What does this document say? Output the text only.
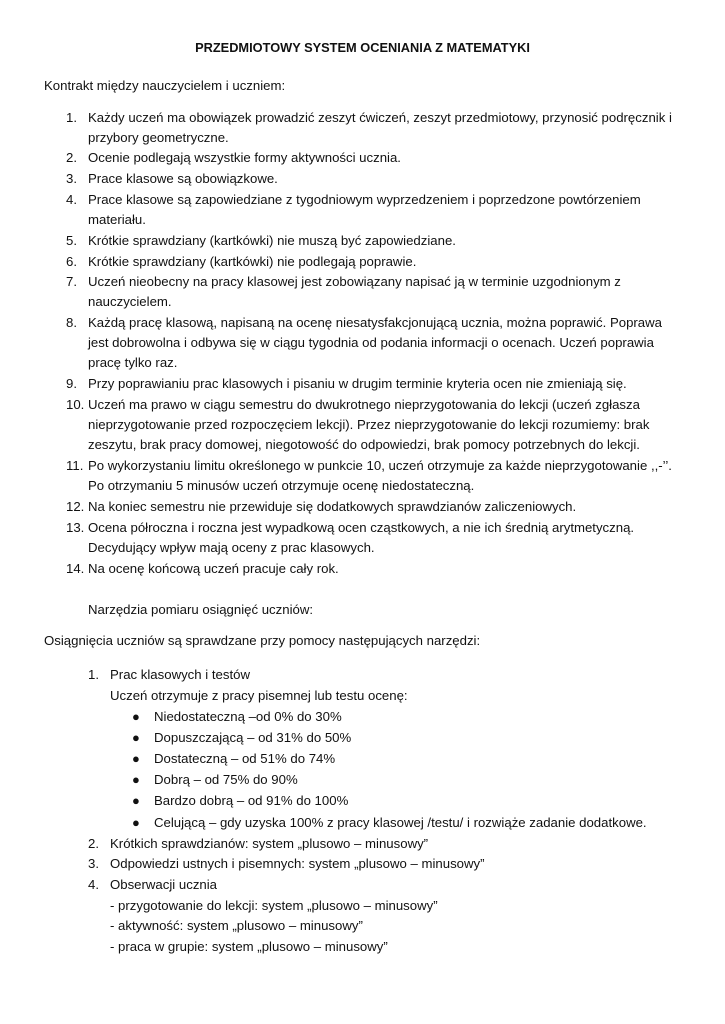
PRZEDMIOTOWY SYSTEM OCENIANIA Z MATEMATYKI
Kontrakt między nauczycielem i uczniem:
1. Każdy uczeń ma obowiązek prowadzić zeszyt ćwiczeń, zeszyt przedmiotowy, przynosić podręcznik i
przybory geometryczne.
2. Ocenie podlegają wszystkie formy aktywności ucznia.
3. Prace klasowe są obowiązkowe.
4. Prace klasowe są zapowiedziane z tygodniowym wyprzedzeniem i poprzedzone powtórzeniem
materiału.
5. Krótkie sprawdziany (kartkówki) nie muszą być zapowiedziane.
6. Krótkie sprawdziany (kartkówki) nie podlegają poprawie.
7. Uczeń nieobecny na pracy klasowej jest zobowiązany napisać ją w terminie uzgodnionym z
nauczycielem.
8. Każdą pracę klasową, napisaną na ocenę niesatysfakcjonującą ucznia, można poprawić. Poprawa
jest dobrowolna i odbywa się w ciągu tygodnia od podania informacji o ocenach. Uczeń poprawia
pracę tylko raz.
9. Przy poprawianiu prac klasowych i pisaniu w drugim terminie kryteria ocen nie zmieniają się.
10. Uczeń ma prawo w ciągu semestru do dwukrotnego nieprzygotowania do lekcji (uczeń zgłasza
nieprzygotowanie przed rozpoczęciem lekcji). Przez nieprzygotowanie do lekcji rozumiemy: brak
zeszytu, brak pracy domowej, niegotowość do odpowiedzi, brak pomocy potrzebnych do lekcji.
11. Po wykorzystaniu limitu określonego w punkcie 10, uczeń otrzymuje za każde nieprzygotowanie ,,-’’.
Po otrzymaniu 5 minusów uczeń otrzymuje ocenę niedostateczną.
12. Na koniec semestru nie przewiduje się dodatkowych sprawdzianów zaliczeniowych.
13. Ocena półroczna i roczna jest wypadkową ocen cząstkowych, a nie ich średnią arytmetyczną.
Decydujący wpływ mają oceny z prac klasowych.
14. Na ocenę końcową uczeń pracuje cały rok.
Narzędzia pomiaru osiągnięć uczniów:
Osiągnięcia uczniów są sprawdzane przy pomocy następujących narzędzi:
1. Prac klasowych i testów
Uczeń otrzymuje z pracy pisemnej lub testu ocenę:
● Niedostateczną –od 0% do 30%
● Dopuszczającą – od 31% do 50%
● Dostateczną – od 51% do 74%
● Dobrą – od 75% do 90%
● Bardzo dobrą – od 91% do 100%
● Celującą – gdy uzyska 100% z pracy klasowej /testu/ i rozwiąże zadanie dodatkowe.
2. Krótkich sprawdzianów: system „plusowo – minusowy”
3. Odpowiedzi ustnych i pisemnych: system „plusowo – minusowy”
4. Obserwacji ucznia
- przygotowanie do lekcji: system „plusowo – minusowy”
- aktywność: system „plusowo – minusowy”
- praca w grupie: system „plusowo – minusowy”
